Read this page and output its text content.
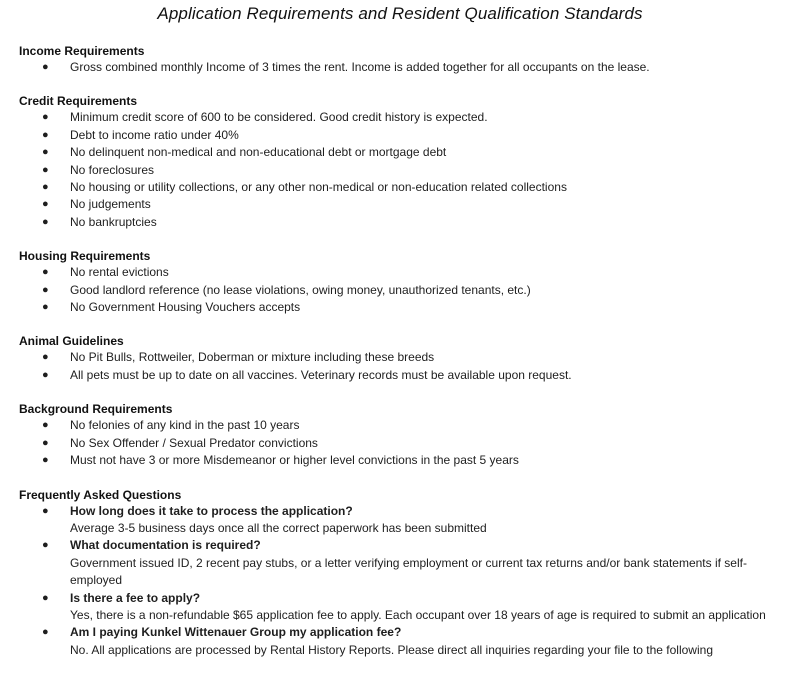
Application Requirements and Resident Qualification Standards
Income Requirements
● Gross combined monthly Income of 3 times the rent. Income is added together for all occupants on the lease.
Credit Requirements
● Minimum credit score of 600 to be considered. Good credit history is expected.
● Debt to income ratio under 40%
● No delinquent non-medical and non-educational debt or mortgage debt
● No foreclosures
● No housing or utility collections, or any other non-medical or non-education related collections
● No judgements
● No bankruptcies
Housing Requirements
● No rental evictions
● Good landlord reference (no lease violations, owing money, unauthorized tenants, etc.)
● No Government Housing Vouchers accepts
Animal Guidelines
● No Pit Bulls, Rottweiler, Doberman or mixture including these breeds
● All pets must be up to date on all vaccines. Veterinary records must be available upon request.
Background Requirements
● No felonies of any kind in the past 10 years
● No Sex Offender / Sexual Predator convictions
● Must not have 3 or more Misdemeanor or higher level convictions in the past 5 years
Frequently Asked Questions
● How long does it take to process the application?
Average 3-5 business days once all the correct paperwork has been submitted
● What documentation is required?
Government issued ID, 2 recent pay stubs, or a letter verifying employment or current tax returns and/or bank statements if self-employed
● Is there a fee to apply?
Yes, there is a non-refundable $65 application fee to apply. Each occupant over 18 years of age is required to submit an application
● Am I paying Kunkel Wittenauer Group my application fee?
No. All applications are processed by Rental History Reports. Please direct all inquiries regarding your file to the following
